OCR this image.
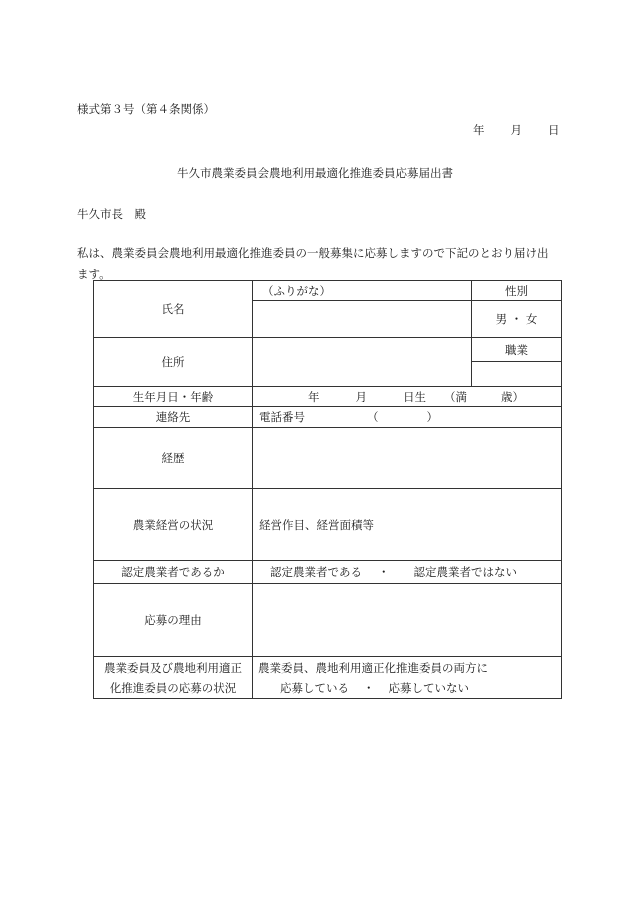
様式第３号（第４条関係）
年 月 日
牛久市農業委員会農地利用最適化推進委員応募届出書
牛久市長　殿
私は、農業委員会農地利用最適化推進委員の一般募集に応募しますので下記のとおり届け出ます。
氏名	（ふりがな）	性別
		男 ・ 女
住所		職業

生年月日・年齢	年 月 日生 （満 歳）	
連絡先	電話番号 （ ）	
経歴		
農業経営の状況	経営作目、経営面積等	
認定農業者であるか	認定農業者である ・ 認定農業者ではない	
応募の理由		
農業委員及び農地利用適正
化推進委員の応募の状況	農業委員、農地利用適正化推進委員の両方に
応募している ・ 応募していない	
